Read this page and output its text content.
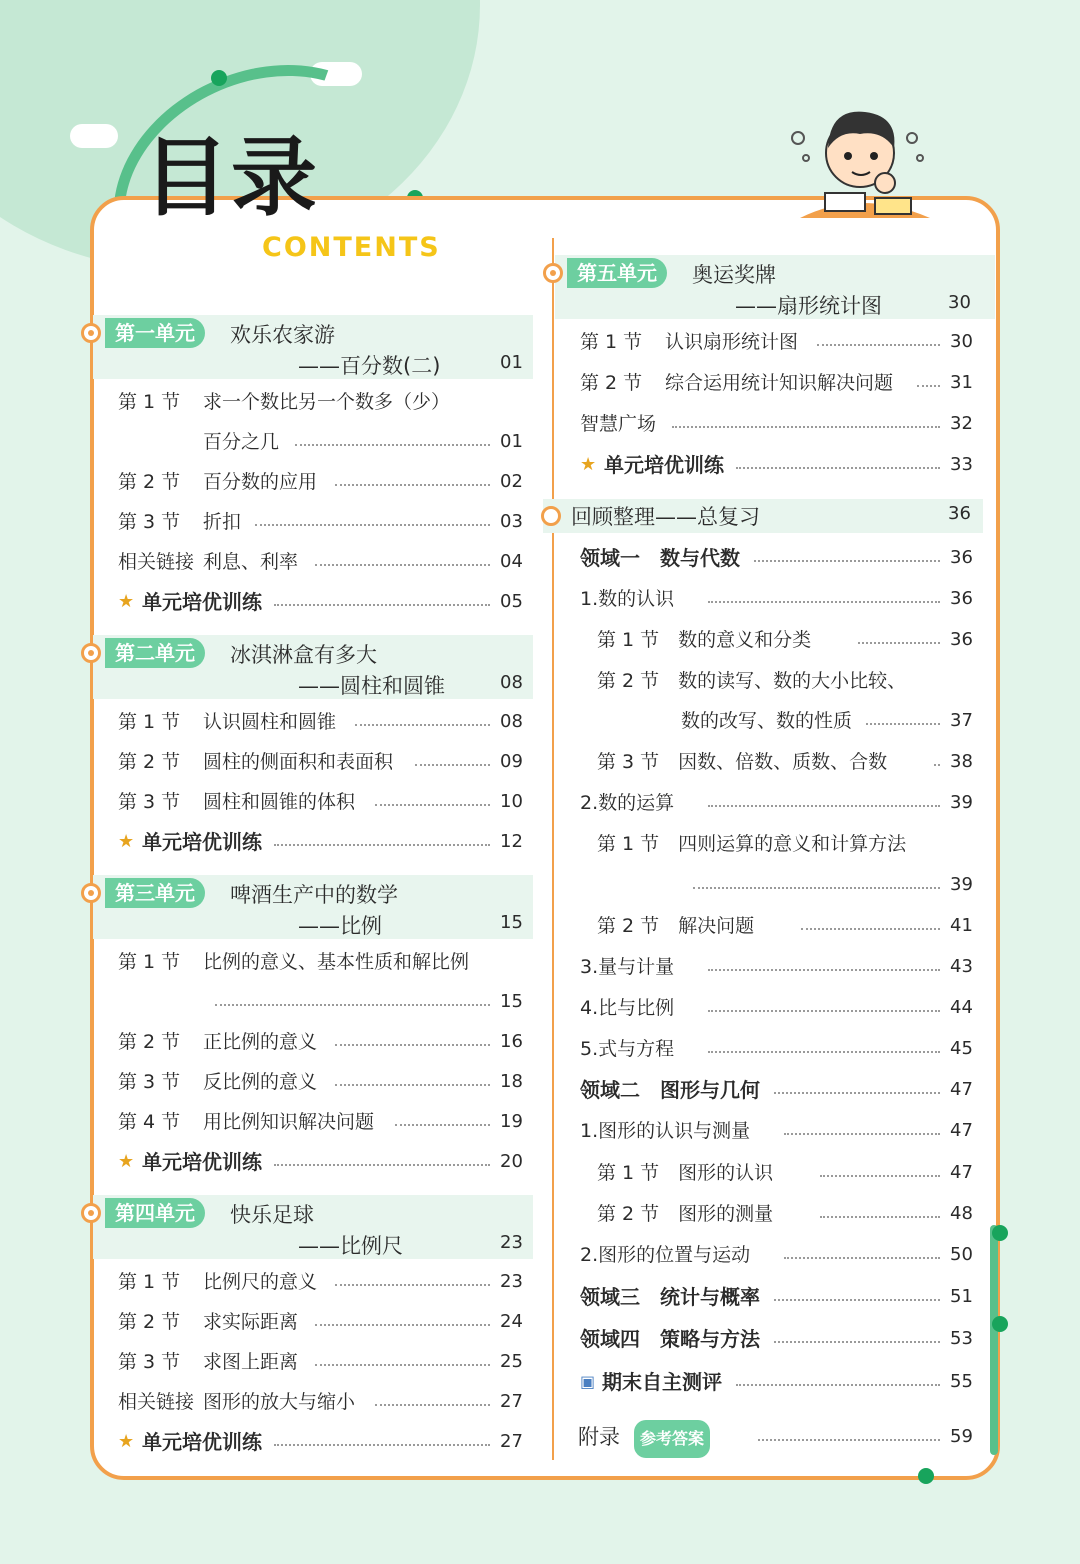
目录
CONTENTS
第一单元	欢乐农家游
——百分数(二)	01
第 1 节 求一个数比另一个数多（少）
百分之几	01
第 2 节 百分数的应用	02
第 3 节 折扣	03
相关链接 利息、利率	04
★ 单元培优训练	05
第二单元	冰淇淋盒有多大
——圆柱和圆锥	08
第 1 节 认识圆柱和圆锥	08
第 2 节 圆柱的侧面积和表面积	09
第 3 节 圆柱和圆锥的体积	10
★ 单元培优训练	12
第三单元	啤酒生产中的数学
——比例	15
第 1 节 比例的意义、基本性质和解比例
15
第 2 节 正比例的意义	16
第 3 节 反比例的意义	18
第 4 节 用比例知识解决问题	19
★ 单元培优训练	20
第四单元	快乐足球
——比例尺	23
第 1 节 比例尺的意义	23
第 2 节 求实际距离	24
第 3 节 求图上距离	25
相关链接 图形的放大与缩小	27
★ 单元培优训练	27
第五单元	奥运奖牌
——扇形统计图	30
第 1 节 认识扇形统计图	30
第 2 节 综合运用统计知识解决问题	31
智慧广场	32
★ 单元培优训练	33
回顾整理——总复习	36
领域一　数与代数	36
1.数的认识	36
第 1 节　数的意义和分类	36
第 2 节　数的读写、数的大小比较、
数的改写、数的性质	37
第 3 节　因数、倍数、质数、合数	38
2.数的运算	39
第 1 节　四则运算的意义和计算方法
39
第 2 节　解决问题	41
3.量与计量	43
4.比与比例	44
5.式与方程	45
领域二　图形与几何	47
1.图形的认识与测量	47
第 1 节　图形的认识	47
第 2 节　图形的测量	48
2.图形的位置与运动	50
领域三　统计与概率	51
领域四　策略与方法	53
▣ 期末自主测评	55
附录	参考答案	59
